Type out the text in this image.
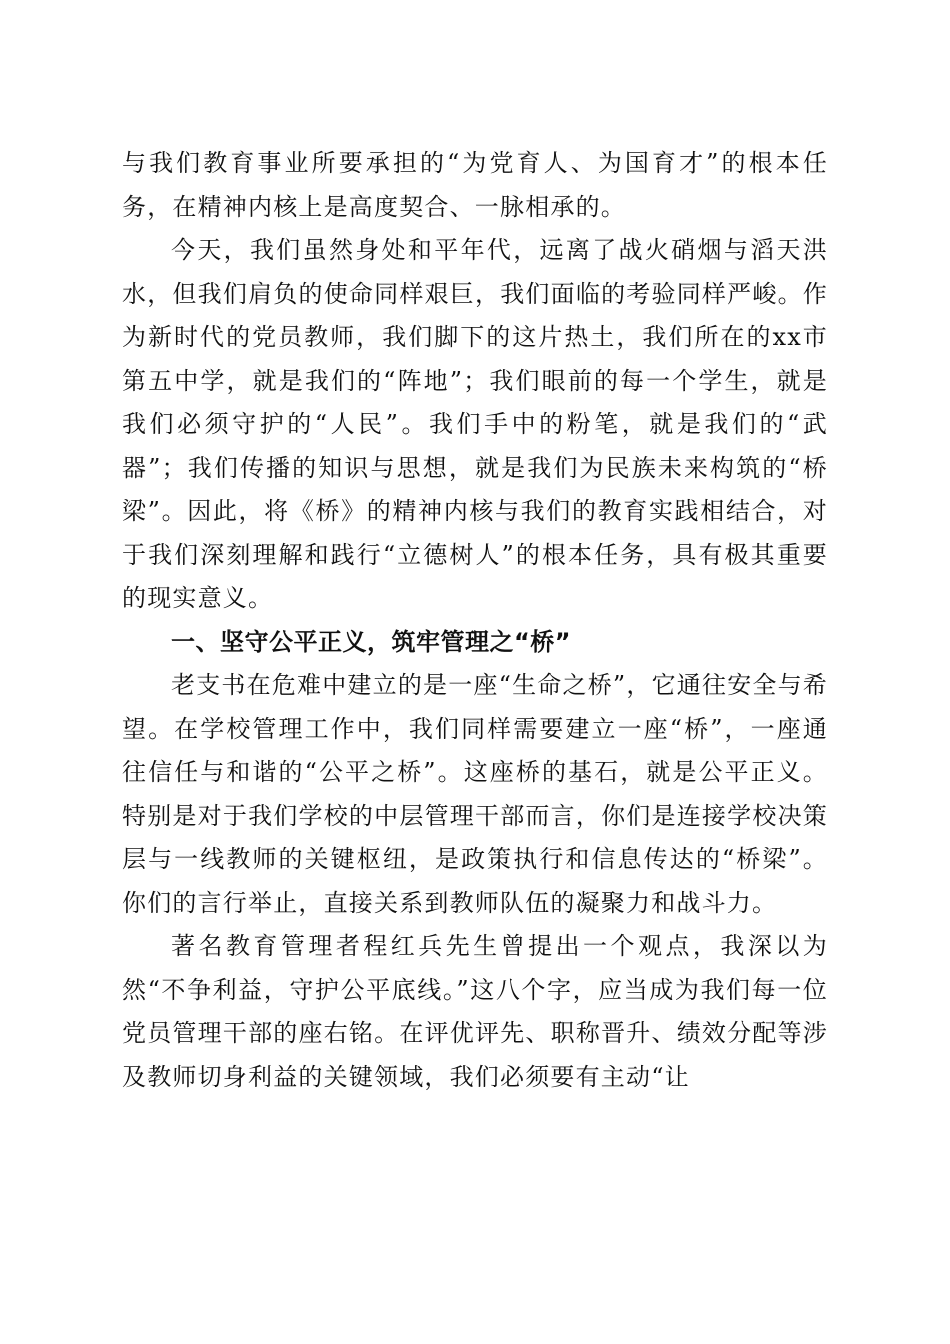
与我们教育事业所要承担的“为党育人、为国育才”的根本任务，在精神内核上是高度契合、一脉相承的。

今天，我们虽然身处和平年代，远离了战火硝烟与滔天洪水，但我们肩负的使命同样艰巨，我们面临的考验同样严峻。作为新时代的党员教师，我们脚下的这片热土，我们所在的xx市第五中学，就是我们的“阵地”；我们眼前的每一个学生，就是我们必须守护的“人民”。我们手中的粉笔，就是我们的“武器”；我们传播的知识与思想，就是我们为民族未来构筑的“桥梁”。因此，将《桥》的精神内核与我们的教育实践相结合，对于我们深刻理解和践行“立德树人”的根本任务，具有极其重要的现实意义。

一、坚守公平正义，筑牢管理之“桥”

老支书在危难中建立的是一座“生命之桥”，它通往安全与希望。在学校管理工作中，我们同样需要建立一座“桥”，一座通往信任与和谐的“公平之桥”。这座桥的基石，就是公平正义。特别是对于我们学校的中层管理干部而言，你们是连接学校决策层与一线教师的关键枢纽，是政策执行和信息传达的“桥梁”。你们的言行举止，直接关系到教师队伍的凝聚力和战斗力。

著名教育管理者程红兵先生曾提出一个观点，我深以为然“不争利益，守护公平底线。”这八个字，应当成为我们每一位党员管理干部的座右铭。在评优评先、职称晋升、绩效分配等涉及教师切身利益的关键领域，我们必须要有主动“让
